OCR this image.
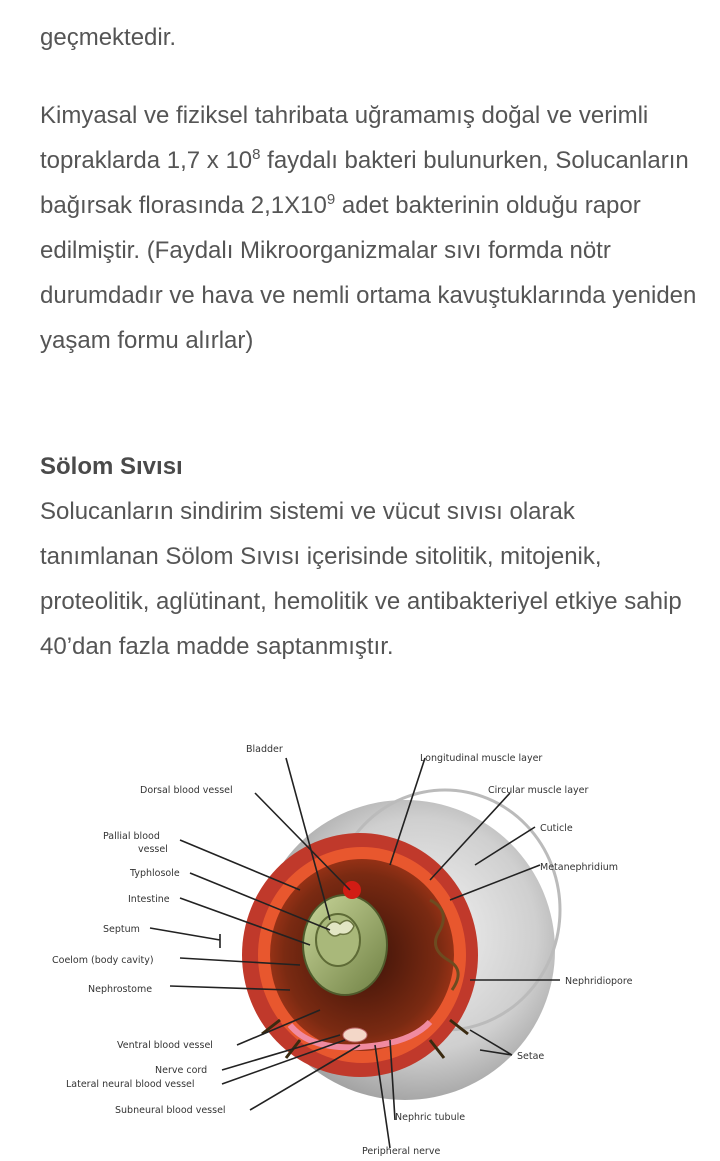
geçmektedir.

Kimyasal ve fiziksel tahribata uğramamış doğal ve verimli topraklarda 1,7 x $10^8$ faydalı bakteri bulunurken, Solucanların bağırsak florasında $2,1X10^9$ adet bakterinin olduğu rapor edilmiştir. (Faydalı Mikroorganizmalar sıvı formda nötr durumdadır ve hava ve nemli ortama kavuştuklarında yeniden yaşam formu alırlar)

Sölom Sıvısı
Solucanların sindirim sistemi ve vücut sıvısı olarak tanımlanan Sölom Sıvısı içerisinde sitolitik, mitojenik, proteolitik, aglütinant, hemolitik ve antibakteriyel etkiye sahip 40’dan fazla madde saptanmıştır.
Bladder
Dorsal blood vessel
Pallial blood
vessel
Typhlosole
Intestine
Septum
Coelom (body cavity)
Nephrostome
Ventral blood vessel
Nerve cord
Lateral neural blood vessel
Subneural blood vessel
Longitudinal muscle layer
Circular muscle layer
Cuticle
Metanephridium
Nephridiopore
Setae
Nephric tubule
Peripheral nerve
